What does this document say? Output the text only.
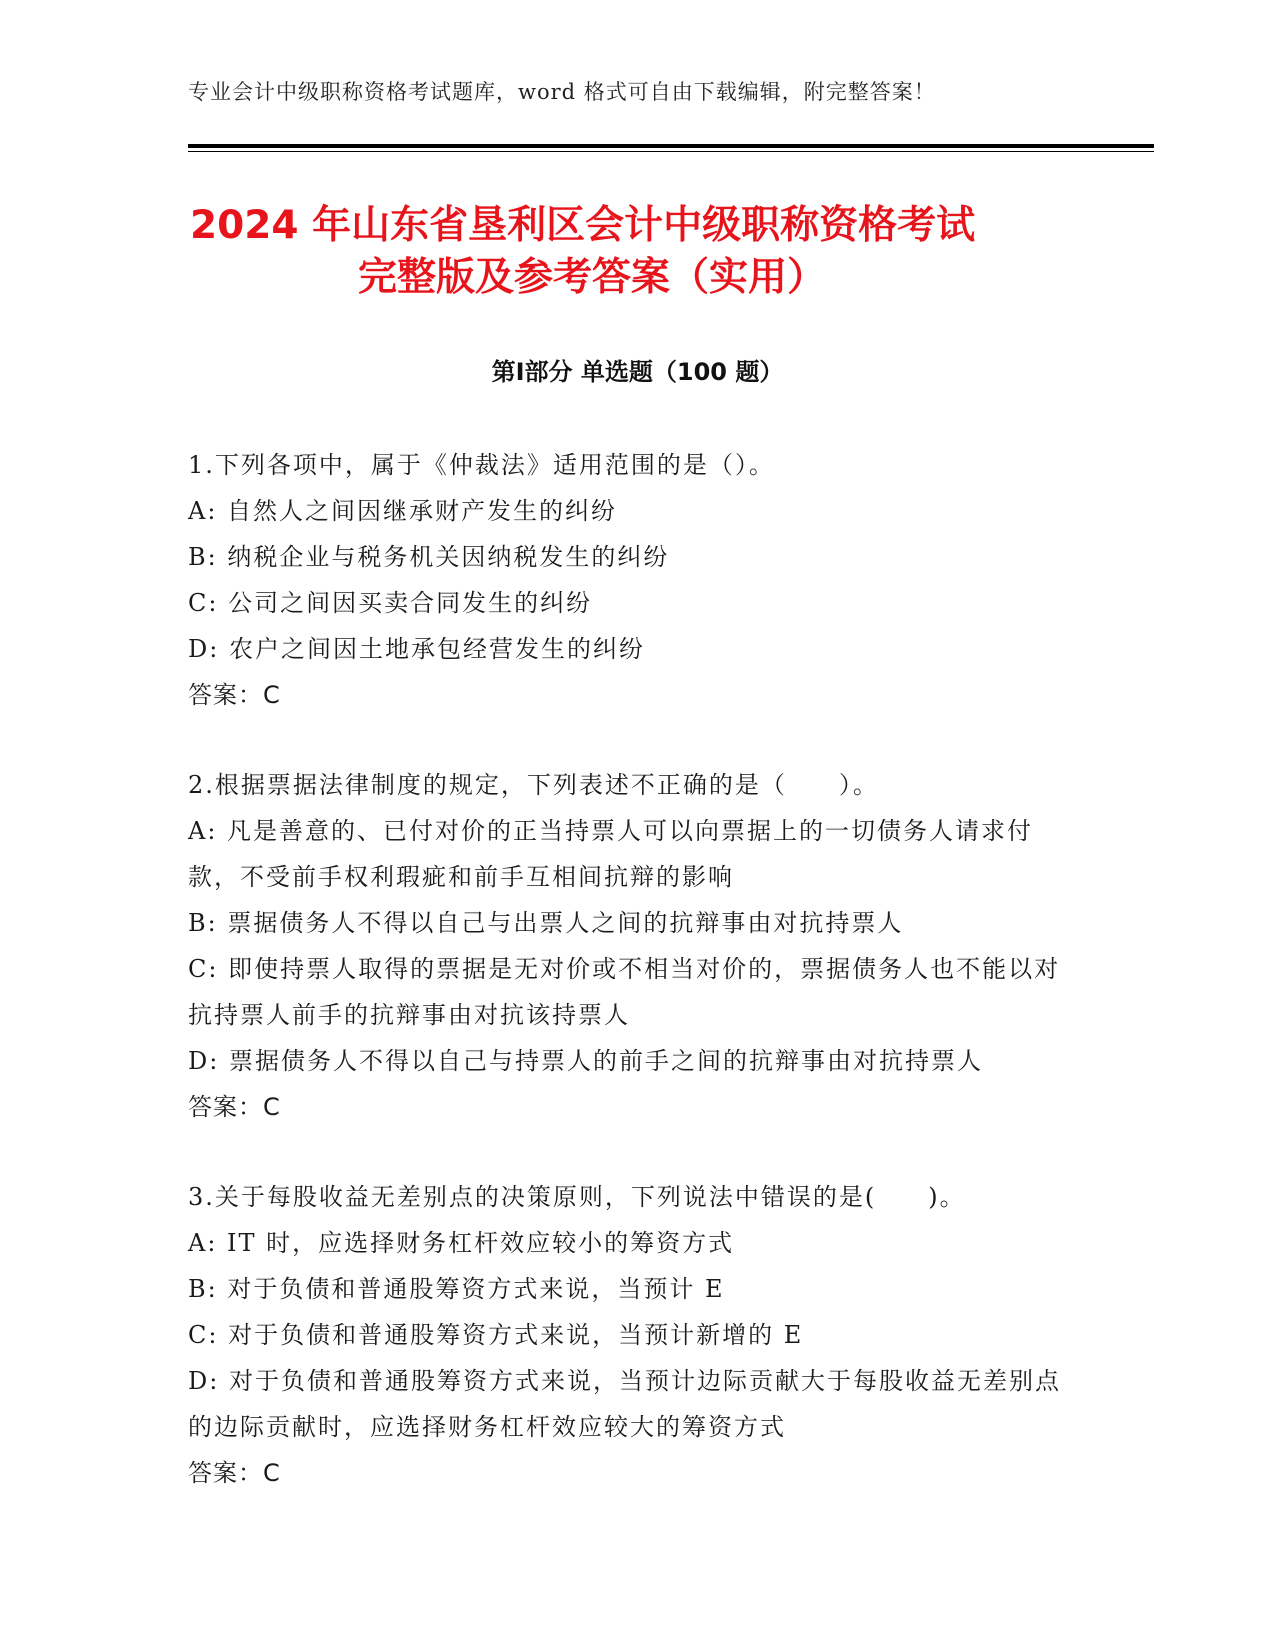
专业会计中级职称资格考试题库，word 格式可自由下载编辑，附完整答案！
2024 年山东省垦利区会计中级职称资格考试
完整版及参考答案（实用）
第Ⅰ部分 单选题（100 题）

1.下列各项中，属于《仲裁法》适用范围的是（）。

A: 自然人之间因继承财产发生的纠纷

B: 纳税企业与税务机关因纳税发生的纠纷

C: 公司之间因买卖合同发生的纠纷

D: 农户之间因土地承包经营发生的纠纷

答案：C

2.根据票据法律制度的规定，下列表述不正确的是（　　）。

A: 凡是善意的、已付对价的正当持票人可以向票据上的一切债务人请求付款，不受前手权利瑕疵和前手互相间抗辩的影响

B: 票据债务人不得以自己与出票人之间的抗辩事由对抗持票人

C: 即使持票人取得的票据是无对价或不相当对价的，票据债务人也不能以对抗持票人前手的抗辩事由对抗该持票人

D: 票据债务人不得以自己与持票人的前手之间的抗辩事由对抗持票人

答案：C

3.关于每股收益无差别点的决策原则，下列说法中错误的是(　　)。

A: IT 时，应选择财务杠杆效应较小的筹资方式

B: 对于负债和普通股筹资方式来说，当预计 E

C: 对于负债和普通股筹资方式来说，当预计新增的 E

D: 对于负债和普通股筹资方式来说，当预计边际贡献大于每股收益无差别点的边际贡献时，应选择财务杠杆效应较大的筹资方式

答案：C
